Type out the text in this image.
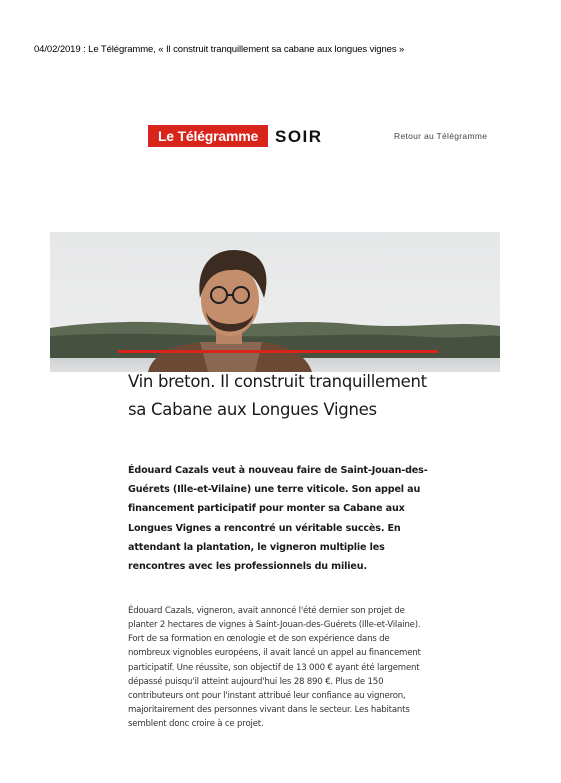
04/02/2019 : Le Télégramme, « Il construit tranquillement sa cabane aux longues vignes »
Le Télégramme SOIR	Retour au Télégramme
Vin breton. Il construit tranquillement sa Cabane aux Longues Vignes

Édouard Cazals veut à nouveau faire de Saint-Jouan-des-Guérets (Ille-et-Vilaine) une terre viticole. Son appel au financement participatif pour monter sa Cabane aux Longues Vignes a rencontré un véritable succès. En attendant la plantation, le vigneron multiplie les rencontres avec les professionnels du milieu.

Édouard Cazals, vigneron, avait annoncé l'été dernier son projet de planter 2 hectares de vignes à Saint-Jouan-des-Guérets (Ille-et-Vilaine). Fort de sa formation en œnologie et de son expérience dans de nombreux vignobles européens, il avait lancé un appel au financement participatif. Une réussite, son objectif de 13 000 € ayant été largement dépassé puisqu'il atteint aujourd'hui les 28 890 €. Plus de 150 contributeurs ont pour l'instant attribué leur confiance au vigneron, majoritairement des personnes vivant dans le secteur. Les habitants semblent donc croire à ce projet.
